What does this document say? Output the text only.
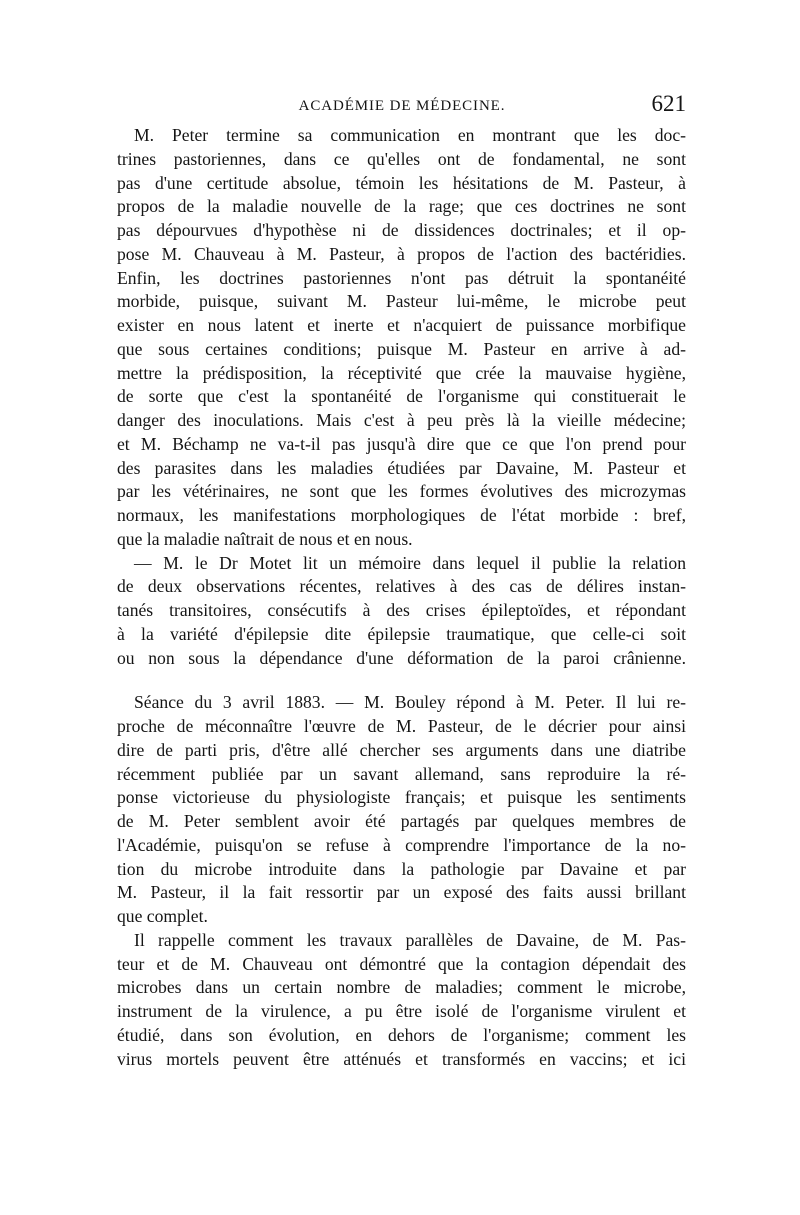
ACADÉMIE DE MÉDECINE.	621
M. Peter termine sa communication en montrant que les doc-
trines pastoriennes, dans ce qu'elles ont de fondamental, ne sont
pas d'une certitude absolue, témoin les hésitations de M. Pasteur, à
propos de la maladie nouvelle de la rage; que ces doctrines ne sont
pas dépourvues d'hypothèse ni de dissidences doctrinales; et il op-
pose M. Chauveau à M. Pasteur, à propos de l'action des bactéridies.
Enfin, les doctrines pastoriennes n'ont pas détruit la spontanéité
morbide, puisque, suivant M. Pasteur lui-même, le microbe peut
exister en nous latent et inerte et n'acquiert de puissance morbifique
que sous certaines conditions; puisque M. Pasteur en arrive à ad-
mettre la prédisposition, la réceptivité que crée la mauvaise hygiène,
de sorte que c'est la spontanéité de l'organisme qui constituerait le
danger des inoculations. Mais c'est à peu près là la vieille médecine;
et M. Béchamp ne va-t-il pas jusqu'à dire que ce que l'on prend pour
des parasites dans les maladies étudiées par Davaine, M. Pasteur et
par les vétérinaires, ne sont que les formes évolutives des microzymas
normaux, les manifestations morphologiques de l'état morbide : bref,
que la maladie naîtrait de nous et en nous.
— M. le Dr Motet lit un mémoire dans lequel il publie la relation
de deux observations récentes, relatives à des cas de délires instan-
tanés transitoires, consécutifs à des crises épileptoïdes, et répondant
à la variété d'épilepsie dite épilepsie traumatique, que celle-ci soit
ou non sous la dépendance d'une déformation de la paroi crânienne.
Séance du 3 avril 1883. — M. Bouley répond à M. Peter. Il lui re-
proche de méconnaître l'œuvre de M. Pasteur, de le décrier pour ainsi
dire de parti pris, d'être allé chercher ses arguments dans une diatribe
récemment publiée par un savant allemand, sans reproduire la ré-
ponse victorieuse du physiologiste français; et puisque les sentiments
de M. Peter semblent avoir été partagés par quelques membres de
l'Académie, puisqu'on se refuse à comprendre l'importance de la no-
tion du microbe introduite dans la pathologie par Davaine et par
M. Pasteur, il la fait ressortir par un exposé des faits aussi brillant
que complet.
Il rappelle comment les travaux parallèles de Davaine, de M. Pas-
teur et de M. Chauveau ont démontré que la contagion dépendait des
microbes dans un certain nombre de maladies; comment le microbe,
instrument de la virulence, a pu être isolé de l'organisme virulent et
étudié, dans son évolution, en dehors de l'organisme; comment les
virus mortels peuvent être atténués et transformés en vaccins; et ici
